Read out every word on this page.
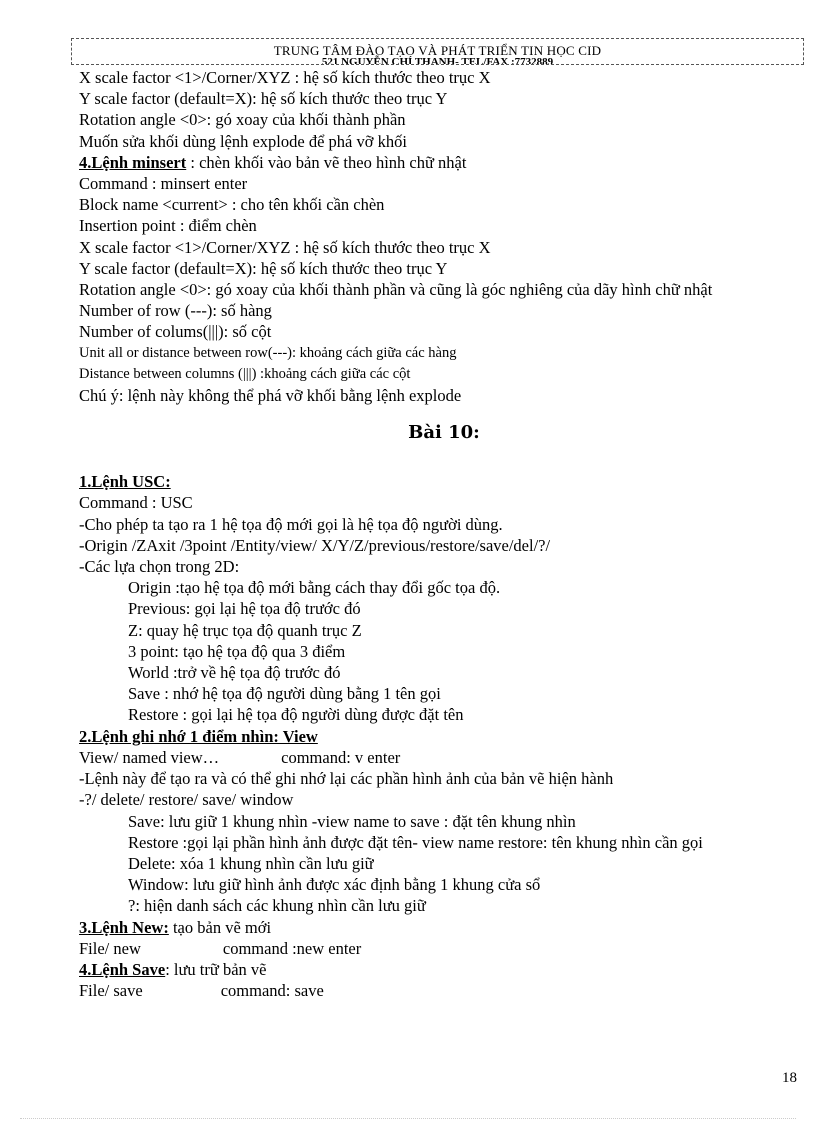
TRUNG TÂM ĐÀO TẠO VÀ PHÁT TRIỂN TIN HỌC CID
521 NGUYỄN CHÍ THANH- TEL/FAX :7732889
X scale factor <1>/Corner/XYZ : hệ số kích thước theo trục X
Y scale factor (default=X): hệ số kích thước theo trục Y
Rotation angle <0>: gó xoay của khối thành phần
Muốn sửa khối dùng lệnh explode để phá vỡ khối
4.Lệnh minsert : chèn khối vào bản vẽ theo hình chữ nhật
Command : minsert enter
Block name <current> : cho tên khối cần chèn
Insertion point : điểm chèn
X scale factor <1>/Corner/XYZ : hệ số kích thước theo trục X
Y scale factor (default=X): hệ số kích thước theo trục Y
Rotation angle <0>: gó xoay của khối thành phần và cũng là góc nghiêng của dãy hình chữ nhật
Number of row (---): số hàng
Number of colums(|||): số cột
Unit all or distance between row(---): khoảng cách giữa các hàng
Distance between columns (|||) :khoảng cách giữa các cột
Chú ý: lệnh này không thể phá vỡ khối bằng lệnh explode
Bài 10:
1.Lệnh USC:
Command : USC
-Cho phép ta tạo ra 1 hệ tọa độ mới gọi là hệ tọa độ người dùng.
-Origin /ZAxit /3point /Entity/view/ X/Y/Z/previous/restore/save/del/?/
-Các lựa chọn trong 2D:
Origin :tạo hệ tọa độ mới bằng cách thay đổi gốc tọa độ.
Previous: gọi lại hệ tọa độ trước đó
Z: quay hệ trục tọa độ quanh trục Z
3 point: tạo hệ tọa độ qua 3 điểm
World :trở về hệ tọa độ trước đó
Save : nhớ hệ tọa độ người dùng bằng 1 tên gọi
Restore : gọi lại hệ tọa độ người dùng được đặt tên
2.Lệnh ghi nhớ 1 điểm nhìn: View
View/ named view…	command: v enter
-Lệnh này để tạo ra và có thể ghi nhớ lại các phần hình ảnh của bản vẽ hiện hành
-?/ delete/ restore/ save/ window
Save: lưu giữ 1 khung nhìn -view name to save : đặt tên khung nhìn
Restore :gọi lại phần hình ảnh được đặt tên- view name restore: tên khung nhìn cần gọi
Delete: xóa 1 khung nhìn cần lưu giữ
Window: lưu giữ hình ảnh được xác định bằng 1 khung cửa sổ
?: hiện danh sách các khung nhìn cần lưu giữ
3.Lệnh New: tạo bản vẽ mới
File/ new	command :new enter
4.Lệnh Save: lưu trữ bản vẽ
File/ save	command: save
18
